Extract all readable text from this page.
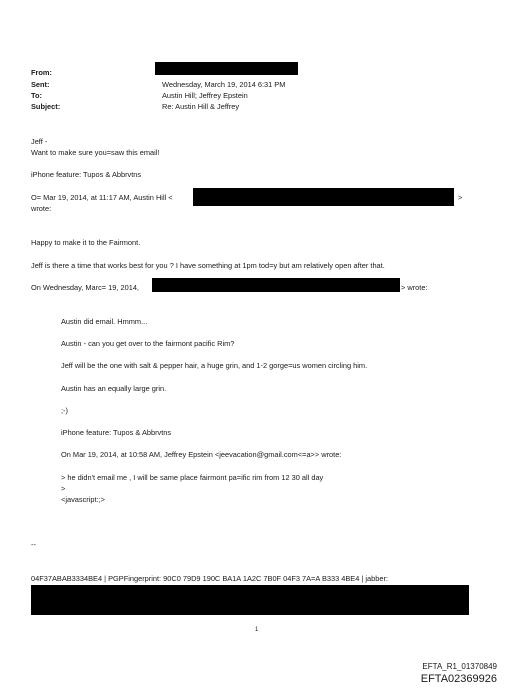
From:
Sent:	Wednesday, March 19, 2014 6:31 PM
To:	Austin Hill; Jeffrey Epstein
Subject:	Re: Austin Hill & Jeffrey
Jeff -
Want to make sure you=saw this email!
iPhone feature: Tupos & Abbrvtns
O= Mar 19, 2014, at 11:17 AM, Austin Hill <	>
wrote:
Happy to make it to the Fairmont.
Jeff is there a time that works best for you ? I have something at 1pm tod=y but am relatively open after that.
On Wednesday, Marc= 19, 2014,	> wrote:
Austin did email. Hmmm...
Austin - can you get over to the fairmont pacific Rim?
Jeff will be the one with salt & pepper hair, a huge grin, and 1-2 gorge=us women circling him.
Austin has an equally large grin.
;-)
iPhone feature: Tupos & Abbrvtns
On Mar 19, 2014, at 10:58 AM, Jeffrey Epstein <jeevacation@gmail.com<=a>> wrote:
> he didn't email me , I will be same place fairmont pa=ific rim from 12 30 all day
>
<javascript:;>
--
04F37ABAB3334BE4 | PGPFingerprint: 90C0 79D9 190C BA1A 1A2C 7B0F 04F3 7A=A B333 4BE4 | jabber:
1
EFTA_R1_01370849
EFTA02369926
